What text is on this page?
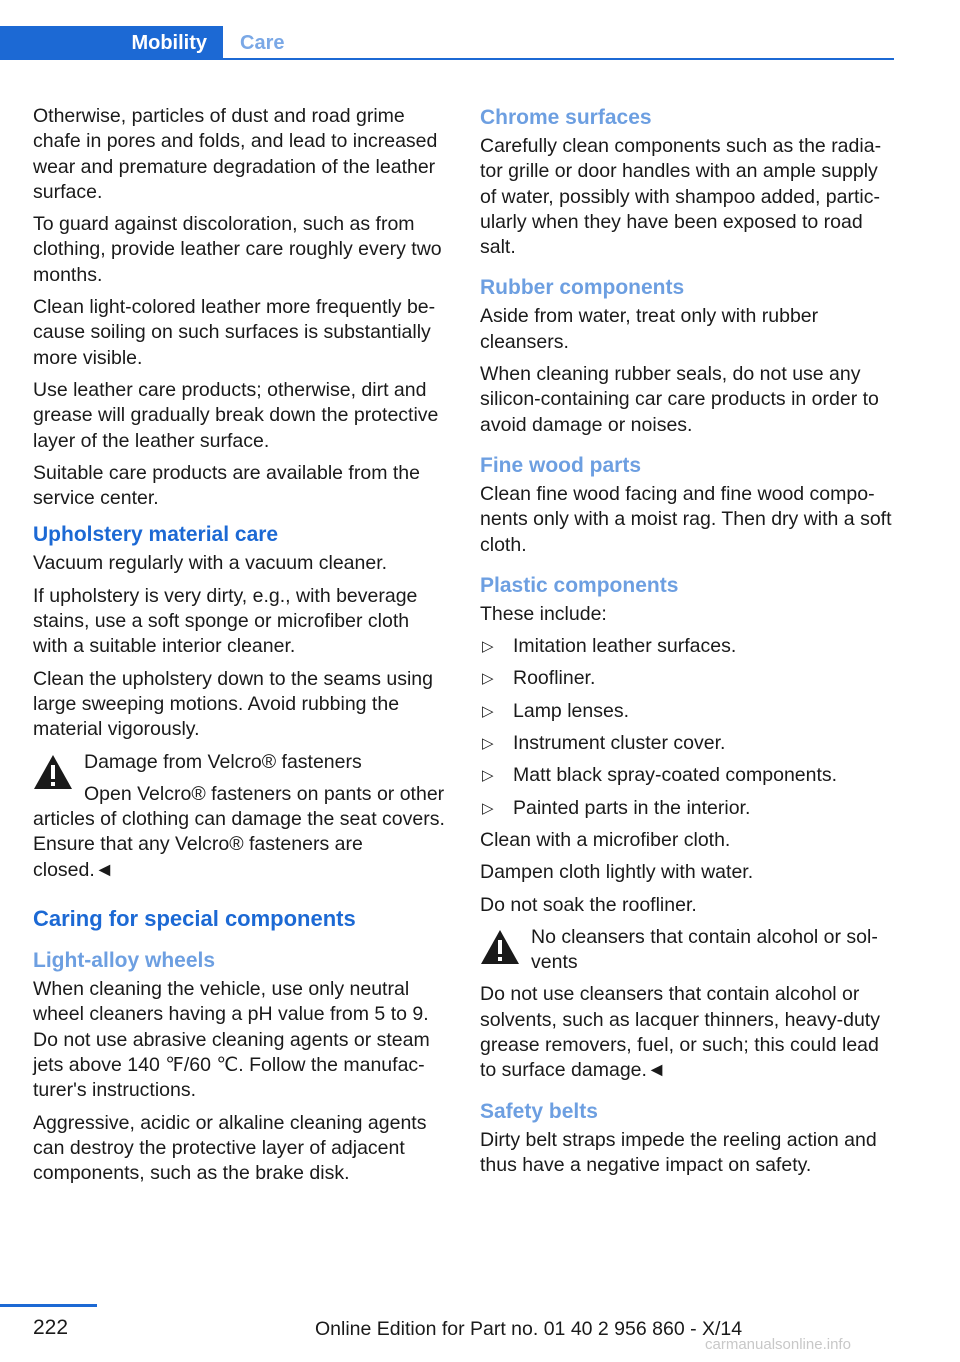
Mobility	Care

Otherwise, particles of dust and road grime chafe in pores and folds, and lead to increased wear and premature degradation of the leather surface.

To guard against discoloration, such as from clothing, provide leather care roughly every two months.

Clean light-colored leather more frequently because soiling on such surfaces is substantially more visible.

Use leather care products; otherwise, dirt and grease will gradually break down the protective layer of the leather surface.

Suitable care products are available from the service center.

Upholstery material care

Vacuum regularly with a vacuum cleaner.

If upholstery is very dirty, e.g., with beverage stains, use a soft sponge or microfiber cloth with a suitable interior cleaner.

Clean the upholstery down to the seams using large sweeping motions. Avoid rubbing the material vigorously.

Damage from Velcro® fasteners
Open Velcro® fasteners on pants or other articles of clothing can damage the seat covers. Ensure that any Velcro® fasteners are closed.◄
Caring for special components
Light-alloy wheels

When cleaning the vehicle, use only neutral wheel cleaners having a pH value from 5 to 9. Do not use abrasive cleaning agents or steam jets above 140 ℉/60 ℃. Follow the manufacturer's instructions.

Aggressive, acidic or alkaline cleaning agents can destroy the protective layer of adjacent components, such as the brake disk.

Chrome surfaces

Carefully clean components such as the radiator grille or door handles with an ample supply of water, possibly with shampoo added, particularly when they have been exposed to road salt.

Rubber components

Aside from water, treat only with rubber cleansers.

When cleaning rubber seals, do not use any silicon-containing car care products in order to avoid damage or noises.

Fine wood parts

Clean fine wood facing and fine wood components only with a moist rag. Then dry with a soft cloth.

Plastic components

These include:

▷ Imitation leather surfaces.
▷ Roofliner.
▷ Lamp lenses.
▷ Instrument cluster cover.
▷ Matt black spray-coated components.
▷ Painted parts in the interior.

Clean with a microfiber cloth.

Dampen cloth lightly with water.

Do not soak the roofliner.

No cleansers that contain alcohol or solvents
Do not use cleansers that contain alcohol or solvents, such as lacquer thinners, heavy-duty grease removers, fuel, or such; this could lead to surface damage.◄
Safety belts

Dirty belt straps impede the reeling action and thus have a negative impact on safety.

222	Online Edition for Part no. 01 40 2 956 860 - X/14
carmanualsonline.info
